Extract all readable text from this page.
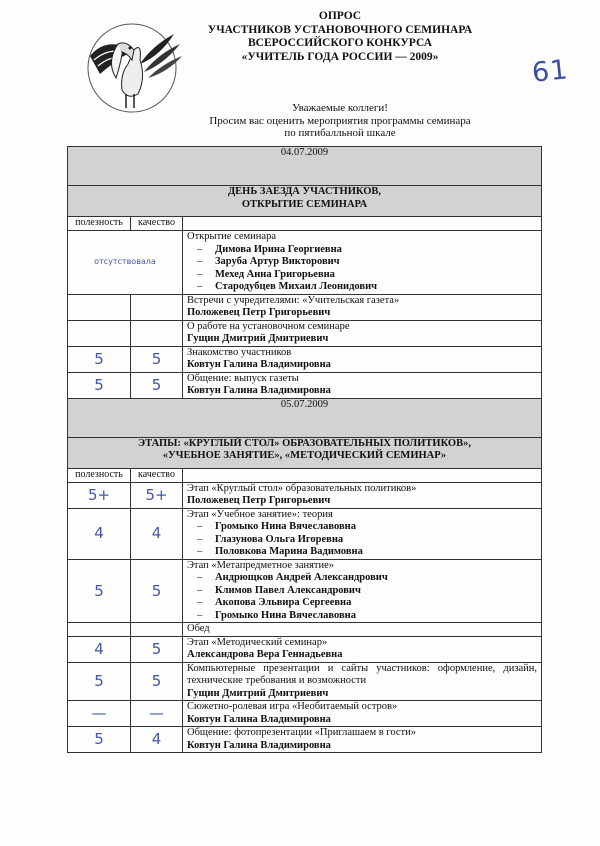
ОПРОС
УЧАСТНИКОВ УСТАНОВОЧНОГО СЕМИНАРА
ВСЕРОССИЙСКОГО КОНКУРСА
«УЧИТЕЛЬ ГОДА РОССИИ — 2009»	61
Уважаемые коллеги!
Просим вас оценить мероприятия программы семинара
по пятибалльной шкале
04.07.2009		

ДЕНЬ ЗАЕЗДА УЧАСТНИКОВ,
ОТКРЫТИЕ СЕМИНАРА		

полезность	качество	
отсутствовала		Открытие семинара
– Димова Ирина Георгиевна
– Заруба Артур Викторович
– Мехед Анна Григорьевна
– Стародубцев Михаил Леонидович

		Встречи с учредителями: «Учительская газета»
Положевец Петр Григорьевич

		О работе на установочном семинаре
Гущин Дмитрий Дмитриевич

5	5	Знакомство участников
Ковтун Галина Владимировна

5	5	Общение: выпуск газеты
Ковтун Галина Владимировна

05.07.2009		

ЭТАПЫ: «КРУГЛЫЙ СТОЛ» ОБРАЗОВАТЕЛЬНЫХ ПОЛИТИКОВ»,
«УЧЕБНОЕ ЗАНЯТИЕ», «МЕТОДИЧЕСКИЙ СЕМИНАР»		

полезность	качество	
5+	5+	Этап «Круглый стол» образовательных политиков»
Положевец Петр Григорьевич

4	4	Этап «Учебное занятие»: теория
– Громыко Нина Вячеславовна
– Глазунова Ольга Игоревна
– Половкова Марина Вадимовна

5	5	Этап «Метапредметное занятие»
– Андрющков Андрей Александрович
– Климов Павел Александрович
– Акопова Эльвира Сергеевна
– Громыко Нина Вячеславовна

		Обед
4	5	Этап «Методический семинар»
Александрова Вера Геннадьевна

5	5	Компьютерные презентации и сайты участников: оформление, дизайн, технические требования и возможности
Гущин Дмитрий Дмитриевич

—	—	Сюжетно-ролевая игра «Необитаемый остров»
Ковтун Галина Владимировна

5	4	Общение: фотопрезентации «Приглашаем в гости»
Ковтун Галина Владимировна
